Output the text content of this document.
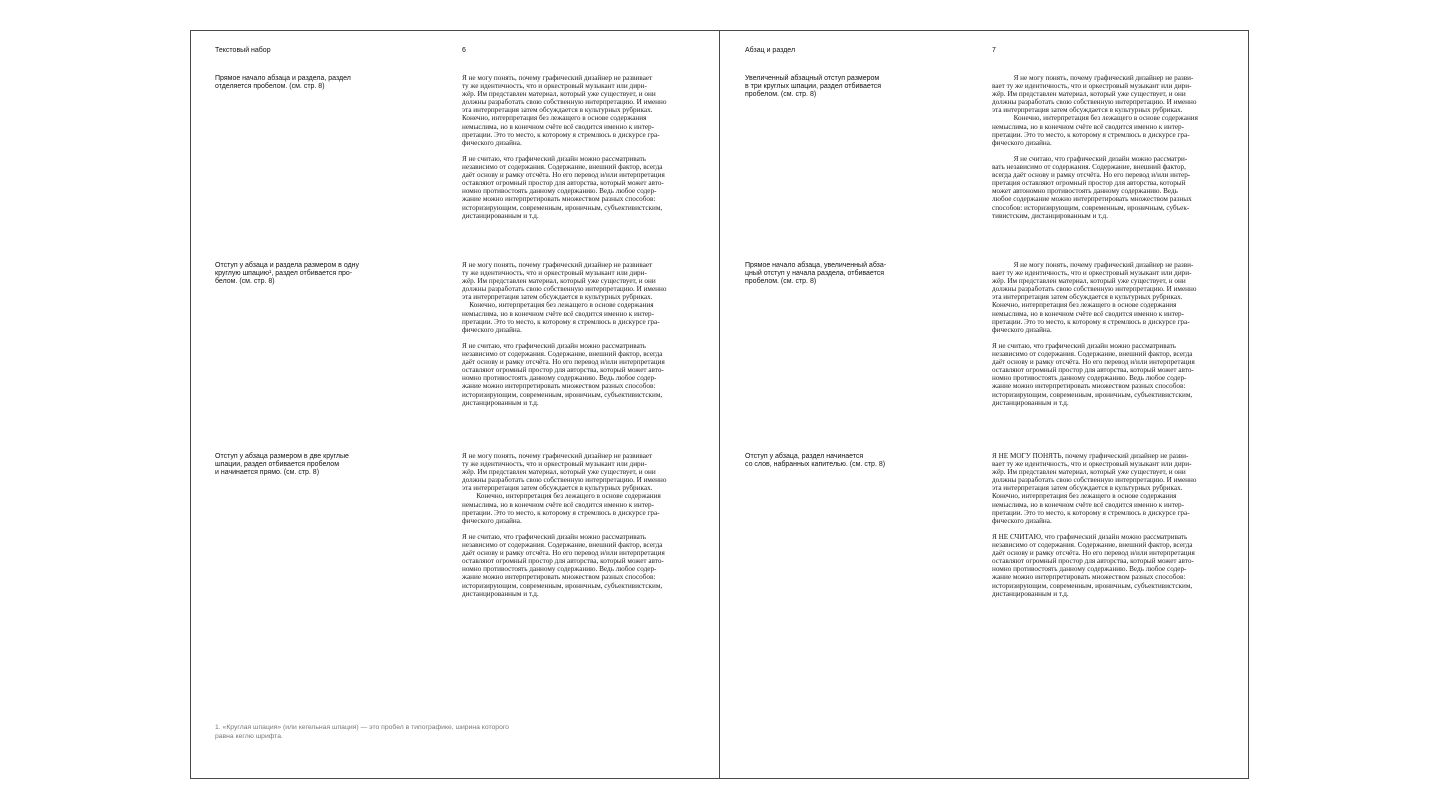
Текстовый набор	6

Прямое начало абзаца и раздела, раздел

отделяется пробелом. (см. стр. 8)

Я не могу понять, почему графический дизайнер не развивает

ту же идентичность, что и оркестровый музыкант или дири-

жёр. Им представлен материал, который уже существует, и они

должны разработать свою собственную интерпретацию. И именно

эта интерпретация затем обсуждается в культурных рубриках.

Конечно, интерпретация без лежащего в основе содержания

немыслима, но в конечном счёте всё сводится именно к интер-

претации. Это то место, к которому я стремлюсь в дискурсе гра-

фического дизайна.

Я не считаю, что графический дизайн можно рассматривать

независимо от содержания. Содержание, внешний фактор, всегда

даёт основу и рамку отсчёта. Но его перевод и/или интерпретация

оставляют огромный простор для авторства, который может авто-

номно противостоять данному содержанию. Ведь любое содер-

жание можно интерпретировать множеством разных способов:

историзирующим, современным, ироничным, субъективистским,

дистанцированным и т.д.

Отступ у абзаца и раздела размером в одну

круглую шпацию¹, раздел отбивается про-

белом. (см. стр. 8)

Я не могу понять, почему графический дизайнер не развивает

ту же идентичность, что и оркестровый музыкант или дири-

жёр. Им представлен материал, который уже существует, и они

должны разработать свою собственную интерпретацию. И именно

эта интерпретация затем обсуждается в культурных рубриках.

Конечно, интерпретация без лежащего в основе содержания

немыслима, но в конечном счёте всё сводится именно к интер-

претации. Это то место, к которому я стремлюсь в дискурсе гра-

фического дизайна.

Я не считаю, что графический дизайн можно рассматривать

независимо от содержания. Содержание, внешний фактор, всегда

даёт основу и рамку отсчёта. Но его перевод и/или интерпретация

оставляют огромный простор для авторства, который может авто-

номно противостоять данному содержанию. Ведь любое содер-

жание можно интерпретировать множеством разных способов:

историзирующим, современным, ироничным, субъективистским,

дистанцированным и т.д.

Отступ у абзаца размером в две круглые

шпации, раздел отбивается пробелом

и начинается прямо. (см. стр. 8)

Я не могу понять, почему графический дизайнер не развивает

ту же идентичность, что и оркестровый музыкант или дири-

жёр. Им представлен материал, который уже существует, и они

должны разработать свою собственную интерпретацию. И именно

эта интерпретация затем обсуждается в культурных рубриках.

Конечно, интерпретация без лежащего в основе содержания

немыслима, но в конечном счёте всё сводится именно к интер-

претации. Это то место, к которому я стремлюсь в дискурсе гра-

фического дизайна.

Я не считаю, что графический дизайн можно рассматривать

независимо от содержания. Содержание, внешний фактор, всегда

даёт основу и рамку отсчёта. Но его перевод и/или интерпретация

оставляют огромный простор для авторства, который может авто-

номно противостоять данному содержанию. Ведь любое содер-

жание можно интерпретировать множеством разных способов:

историзирующим, современным, ироничным, субъективистским,

дистанцированным и т.д.

1. «Круглая шпация» (или кегельная шпация) — это пробел в типографике, ширина которого

равна кеглю шрифта.

Абзац и раздел	7

Увеличенный абзацный отступ размером

в три круглых шпации, раздел отбивается

пробелом. (см. стр. 8)

Я не могу понять, почему графический дизайнер не разви-

вает ту же идентичность, что и оркестровый музыкант или дири-

жёр. Им представлен материал, который уже существует, и они

должны разработать свою собственную интерпретацию. И именно

эта интерпретация затем обсуждается в культурных рубриках.

Конечно, интерпретация без лежащего в основе содержания

немыслима, но в конечном счёте всё сводится именно к интер-

претации. Это то место, к которому я стремлюсь в дискурсе гра-

фического дизайна.

Я не считаю, что графический дизайн можно рассматри-

вать независимо от содержания. Содержание, внешний фактор,

всегда даёт основу и рамку отсчёта. Но его перевод и/или интер-

претация оставляют огромный простор для авторства, который

может автономно противостоять данному содержанию. Ведь

любое содержание можно интерпретировать множеством разных

способов: историзирующим, современным, ироничным, субъек-

тивистским, дистанцированным и т.д.

Прямое начало абзаца, увеличенный абза-

цный отступ у начала раздела, отбивается

пробелом. (см. стр. 8)

Я не могу понять, почему графический дизайнер не разви-

вает ту же идентичность, что и оркестровый музыкант или дири-

жёр. Им представлен материал, который уже существует, и они

должны разработать свою собственную интерпретацию. И именно

эта интерпретация затем обсуждается в культурных рубриках.

Конечно, интерпретация без лежащего в основе содержания

немыслима, но в конечном счёте всё сводится именно к интер-

претации. Это то место, к которому я стремлюсь в дискурсе гра-

фического дизайна.

Я не считаю, что графический дизайн можно рассматривать

независимо от содержания. Содержание, внешний фактор, всегда

даёт основу и рамку отсчёта. Но его перевод и/или интерпретация

оставляют огромный простор для авторства, который может авто-

номно противостоять данному содержанию. Ведь любое содер-

жание можно интерпретировать множеством разных способов:

историзирующим, современным, ироничным, субъективистским,

дистанцированным и т.д.

Отступ у абзаца, раздел начинается

со слов, набранных капителью. (см. стр. 8)

Я НЕ МОГУ ПОНЯТЬ, почему графический дизайнер не разви-

вает ту же идентичность, что и оркестровый музыкант или дири-

жёр. Им представлен материал, который уже существует, и они

должны разработать свою собственную интерпретацию. И именно

эта интерпретация затем обсуждается в культурных рубриках.

Конечно, интерпретация без лежащего в основе содержания

немыслима, но в конечном счёте всё сводится именно к интер-

претации. Это то место, к которому я стремлюсь в дискурсе гра-

фического дизайна.

Я НЕ СЧИТАЮ, что графический дизайн можно рассматривать

независимо от содержания. Содержание, внешний фактор, всегда

даёт основу и рамку отсчёта. Но его перевод и/или интерпретация

оставляют огромный простор для авторства, который может авто-

номно противостоять данному содержанию. Ведь любое содер-

жание можно интерпретировать множеством разных способов:

историзирующим, современным, ироничным, субъективистским,

дистанцированным и т.д.
